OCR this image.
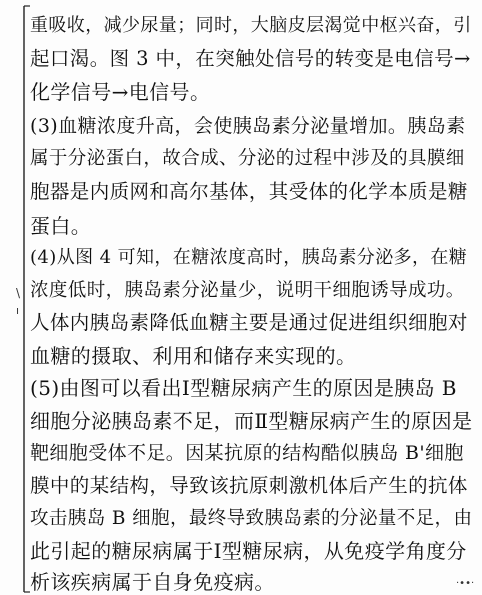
\
ı
·••·
重吸收，减少尿量；同时，大脑皮层渴觉中枢兴奋，引
起口渴。图 3 中，在突触处信号的转变是电信号→
化学信号→电信号。
(3)血糖浓度升高，会使胰岛素分泌量增加。胰岛素
属于分泌蛋白，故合成、分泌的过程中涉及的具膜细
胞器是内质网和高尔基体，其受体的化学本质是糖
蛋白。
(4)从图 4 可知，在糖浓度高时，胰岛素分泌多，在糖
浓度低时，胰岛素分泌量少，说明干细胞诱导成功。
人体内胰岛素降低血糖主要是通过促进组织细胞对
血糖的摄取、利用和储存来实现的。
(5)由图可以看出Ⅰ型糖尿病产生的原因是胰岛 B
细胞分泌胰岛素不足，而Ⅱ型糖尿病产生的原因是
靶细胞受体不足。因某抗原的结构酷似胰岛 B'细胞
膜中的某结构，导致该抗原刺激机体后产生的抗体
攻击胰岛 B 细胞，最终导致胰岛素的分泌量不足，由
此引起的糖尿病属于Ⅰ型糖尿病，从免疫学角度分
析该疾病属于自身免疫病。
